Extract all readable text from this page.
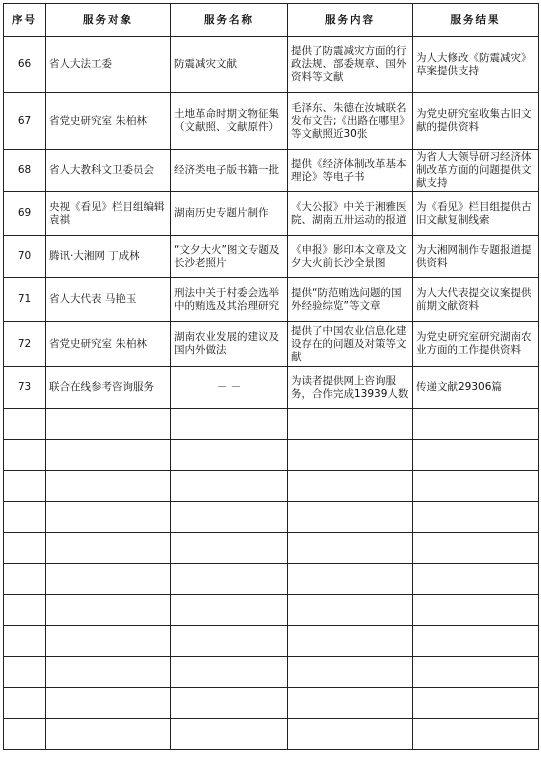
序号	服务对象	服务名称	服务内容	服务结果
66	省人大法工委	防震减灾文献	提供了防震减灾方面的行政法规、部委规章、国外资料等文献	为人大修改《防震减灾》草案提供支持
67	省党史研究室 朱柏林	土地革命时期文物征集（文献照、文献原件）	毛泽东、朱德在汝城联名发布文告;《出路在哪里》等文献照近30张	为党史研究室收集古旧文献的提供资料
68	省人大教科文卫委员会	经济类电子版书籍一批	提供《经济体制改革基本理论》等电子书	为省人大领导研习经济体制改革方面的问题提供文献支持
69	央视《看见》栏目组编辑 袁祺	湖南历史专题片制作	《大公报》中关于湘雅医院、湖南五卅运动的报道	为《看见》栏目组提供古旧文献复制线索
70	腾讯·大湘网 丁成林	“文夕大火”图文专题及长沙老照片	《申报》影印本文章及文夕大火前长沙全景图	为大湘网制作专题报道提供资料
71	省人大代表 马艳玉	刑法中关于村委会选举中的贿选及其治理研究	提供“防范贿选问题的国外经验综览”等文章	为人大代表提交议案提供前期文献资料
72	省党史研究室 朱柏林	湖南农业发展的建议及国内外做法	提供了中国农业信息化建设存在的问题及对策等文献	为党史研究室研究湖南农业方面的工作提供资料
73	联合在线参考咨询服务	－ －	为读者提供网上咨询服务，合作完成13939人数	传递文献29306篇
